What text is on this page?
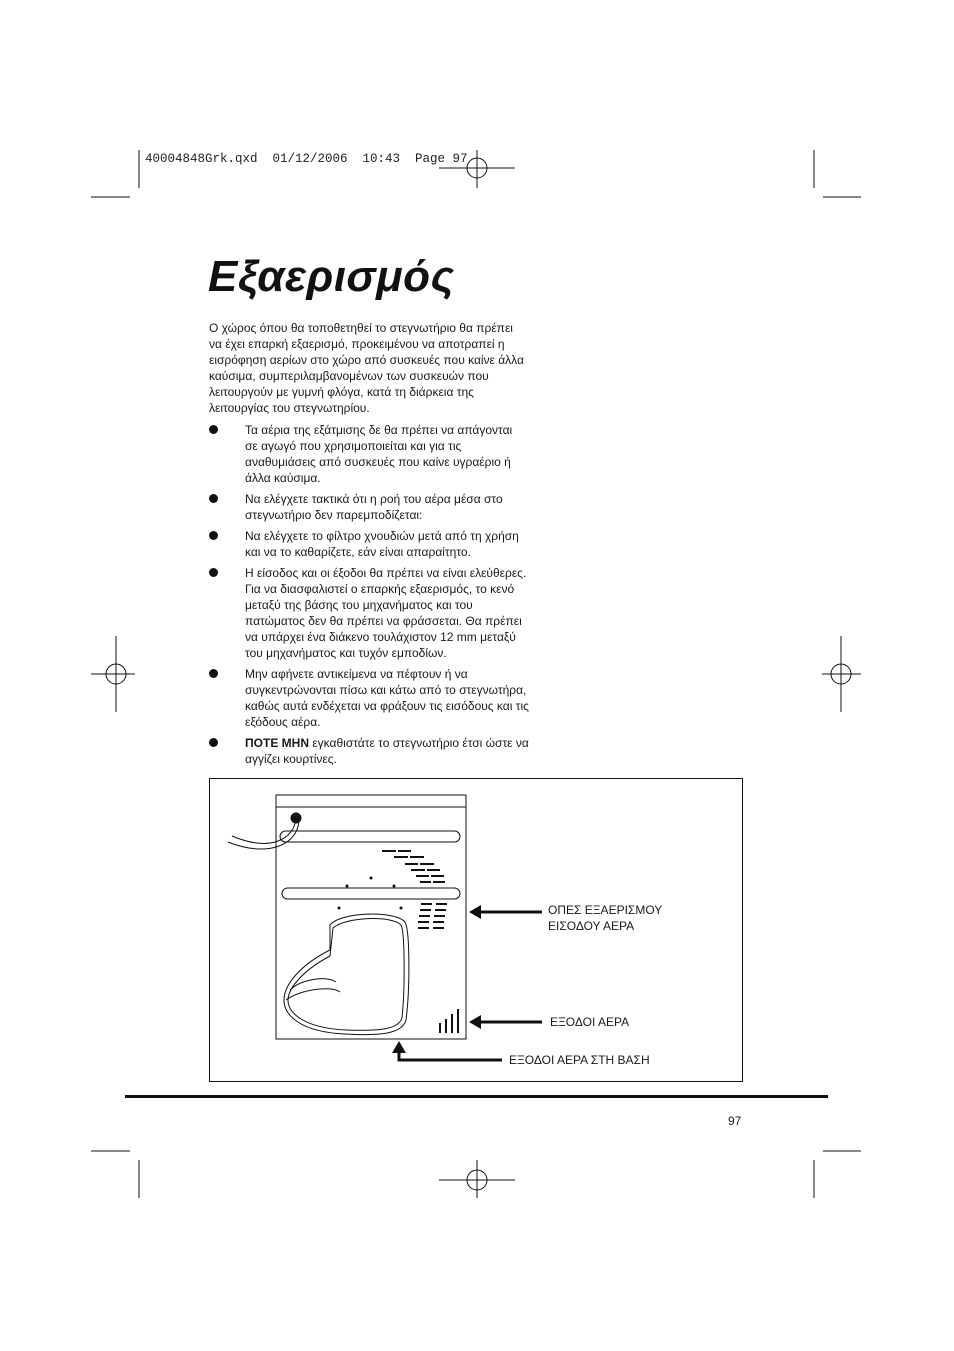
40004848Grk.qxd  01/12/2006  10:43  Page 97
Εξαερισμός
Ο χώρος όπου θα τοποθετηθεί το στεγνωτήριο θα πρέπει
να έχει επαρκή εξαερισμό, προκειμένου να αποτραπεί η
εισρόφηση αερίων στο χώρο από συσκευές που καίνε άλλα
καύσιμα, συμπεριλαμβανομένων των συσκευών που
λειτουργούν με γυμνή φλόγα, κατά τη διάρκεια της
λειτουργίας του στεγνωτηρίου.
Τα αέρια της εξάτμισης δε θα πρέπει να απάγονται
σε αγωγό που χρησιμοποιείται και για τις
αναθυμιάσεις από συσκευές που καίνε υγραέριο ή
άλλα καύσιμα.
Να ελέγχετε τακτικά ότι η ροή του αέρα μέσα στο
στεγνωτήριο δεν παρεμποδίζεται:
Να ελέγχετε το φίλτρο χνουδιών μετά από τη χρήση
και να το καθαρίζετε, εάν είναι απαραίτητο.
Η είσοδος και οι έξοδοι θα πρέπει να είναι ελεύθερες.
Για να διασφαλιστεί ο επαρκής εξαερισμός, το κενό
μεταξύ της βάσης του μηχανήματος και του
πατώματος δεν θα πρέπει να φράσσεται. Θα πρέπει
να υπάρχει ένα διάκενο τουλάχιστον 12 mm μεταξύ
του μηχανήματος και τυχόν εμποδίων.
Μην αφήνετε αντικείμενα να πέφτουν ή να
συγκεντρώνονται πίσω και κάτω από το στεγνωτήρα,
καθώς αυτά ενδέχεται να φράξουν τις εισόδους και τις
εξόδους αέρα.
ΠΟΤΕ ΜΗΝ εγκαθιστάτε το στεγνωτήριο έτσι ώστε να
αγγίζει κουρτίνες.
ΟΠΕΣ ΕΞΑΕΡΙΣΜΟΥ
ΕΙΣΟΔΟΥ ΑΕΡΑ
ΕΞΟΔΟΙ ΑΕΡΑ
ΕΞΟΔΟΙ ΑΕΡΑ ΣΤΗ ΒΑΣΗ
97
